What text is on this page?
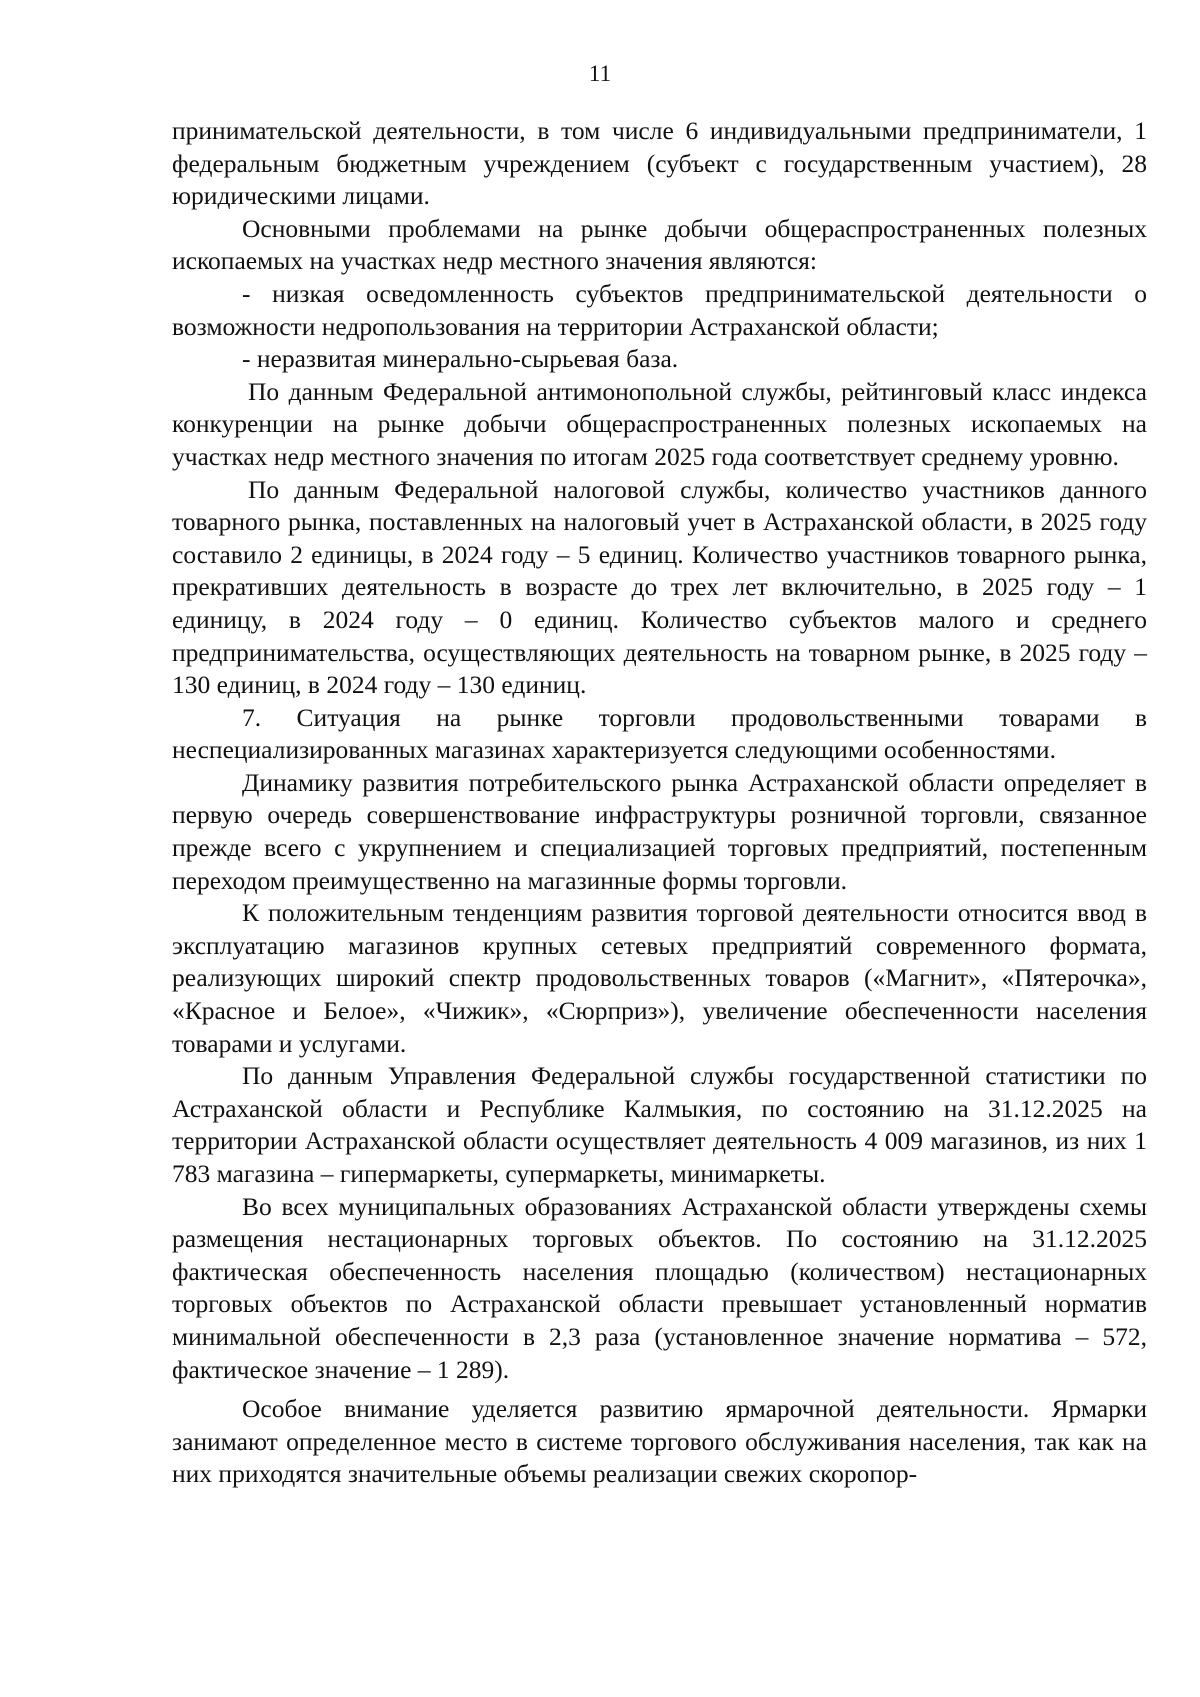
11

принимательской деятельности, в том числе 6 индивидуальными предприниматели, 1 федеральным бюджетным учреждением (субъект с государственным участием), 28 юридическими лицами.

Основными проблемами на рынке добычи общераспространенных полезных ископаемых на участках недр местного значения являются:

- низкая осведомленность субъектов предпринимательской деятельности о возможности недропользования на территории Астраханской области;

- неразвитая минерально-сырьевая база.

По данным Федеральной антимонопольной службы, рейтинговый класс индекса конкуренции на рынке добычи общераспространенных полезных ископаемых на участках недр местного значения по итогам 2025 года соответствует среднему уровню.

По данным Федеральной налоговой службы, количество участников данного товарного рынка, поставленных на налоговый учет в Астраханской области, в 2025 году составило 2 единицы, в 2024 году – 5 единиц. Количество участников товарного рынка, прекративших деятельность в возрасте до трех лет включительно, в 2025 году – 1 единицу, в 2024 году – 0 единиц. Количество субъектов малого и среднего предпринимательства, осуществляющих деятельность на товарном рынке, в 2025 году – 130 единиц, в 2024 году – 130 единиц.

7. Ситуация на рынке торговли продовольственными товарами в неспециализированных магазинах характеризуется следующими особенностями.

Динамику развития потребительского рынка Астраханской области определяет в первую очередь совершенствование инфраструктуры розничной торговли, связанное прежде всего с укрупнением и специализацией торговых предприятий, постепенным переходом преимущественно на магазинные формы торговли.

К положительным тенденциям развития торговой деятельности относится ввод в эксплуатацию магазинов крупных сетевых предприятий современного формата, реализующих широкий спектр продовольственных товаров («Магнит», «Пятерочка», «Красное и Белое», «Чижик», «Сюрприз»), увеличение обеспеченности населения товарами и услугами.

По данным Управления Федеральной службы государственной статистики по Астраханской области и Республике Калмыкия, по состоянию на 31.12.2025 на территории Астраханской области осуществляет деятельность 4 009 магазинов, из них 1 783 магазина – гипермаркеты, супермаркеты, минимаркеты.

Во всех муниципальных образованиях Астраханской области утверждены схемы размещения нестационарных торговых объектов. По состоянию на 31.12.2025 фактическая обеспеченность населения площадью (количеством) нестационарных торговых объектов по Астраханской области превышает установленный норматив минимальной обеспеченности в 2,3 раза (установленное значение норматива – 572, фактическое значение – 1 289).

Особое внимание уделяется развитию ярмарочной деятельности. Ярмарки занимают определенное место в системе торгового обслуживания населения, так как на них приходятся значительные объемы реализации свежих скоропор-
